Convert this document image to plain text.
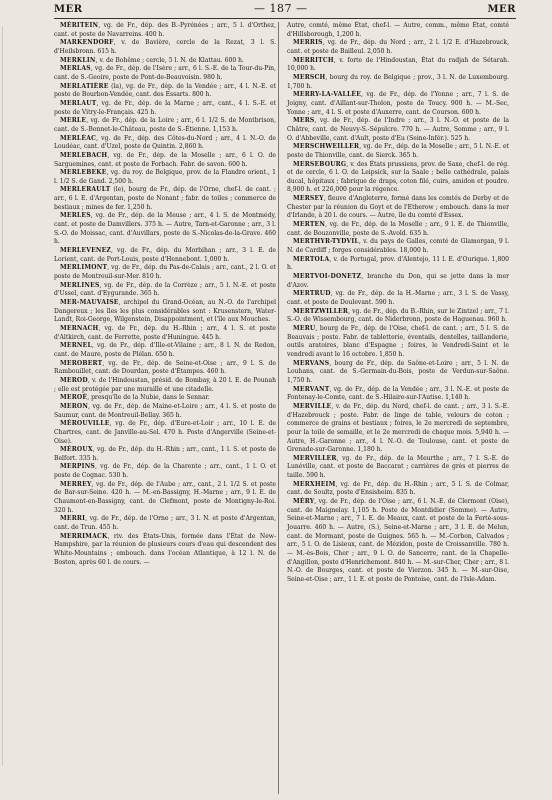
MER	— 187 —	MER

MÉRITEIN, vg. de Fr., dép. des B.-Pyrénées ; arr., 5 l. d'Orthez, cant. et poste de Navarreins. 400 h.

MARKENDORF, v. de Bavière, cercle de la Rezat, 3 l. S. d'Heilsbronn. 615 h.

MERKLIN, v. de Bohême ; cercle, 5 l. N. de Klattau. 600 h.

MERLAS, vg. de Fr., dép. de l'Isère ; arr., 6 l. S.-E. de la Tour-du-Pin, cant. de S.-Geoire, poste de Pont-de-Beauvoisin. 980 h.

MERLATIÈRE (la), vg. de Fr., dép. de la Vendée ; arr., 4 l. N.-E. et poste de Bourbon-Vendée, cant. des Essarts. 800 h.

MERLAUT, vg. de Fr., dép. de la Marne ; arr., cant., 4 l. S.-E. et poste de Vitry-le-Français. 425 h.

MERLE, vg. de Fr., dép. de la Loire ; arr., 6 l. 1/2 S. de Montbrison, cant. de S.-Bonnet-le-Château, poste de S.-Étienne. 1,153 h.

MERLÉAC, vg. de Fr., dép. des Côtes-du-Nord ; arr., 4 l. N.-O. de Loudéac, cant. d'Uzel, poste de Quintin. 2,860 h.

MERLEBACH, vg. de Fr., dép. de la Moselle ; arr., 6 l. O. de Sarguemines, cant. et poste de Forbach. Fabr. de savon. 600 h.

MERLEBEKE, vg. du roy. de Belgique, prov. de la Flandre orient., 1 l. 1/2 S. de Gand. 2,500 h.

MERLERAULT (le), bourg de Fr., dép. de l'Orne, chef-l. de cant. ; arr., 6 l. E. d'Argentan, poste de Nonant ; fabr. de toiles ; commerce de bestiaux ; mines de fer. 1,250 h.

MERLES, vg. de Fr., dép. de la Meuse ; arr., 4 l. S. de Montmédy, cant. et poste de Damvillers. 375 h. — Autre, Tarn-et-Garonne ; arr., 3 l. S.-O. de Moissac, cant. d'Auvillars, poste de S.-Nicolas-de-la-Grave. 460 h.

MERLEVENEZ, vg. de Fr., dép. du Morbihan ; arr., 3 l. E. de Lorient, cant. de Port-Louis, poste d'Hennebont. 1,000 h.

MERLIMONT, vg. de Fr., dép. du Pas-de-Calais ; arr., cant., 2 l. O. et poste de Montreuil-sur-Mer. 810 h.

MERLINES, vg. de Fr., dép. de la Corrèze ; arr., 5 l. N.-E. et poste d'Ussel, cant. d'Eygurande. 365 h.

MER-MAUVAISE, archipel du Grand-Océan, au N.-O. de l'archipel Dangereux ; les îles les plus considérables sont : Krusenstern, Water-Landt, Roi-George, Wilgenstein, Disappointment, et l'île aux Mouches.

MERNACH, vg. de Fr., dép. du H.-Rhin ; arr., 4 l. S. et poste d'Altkirch, cant. de Ferrette, poste d'Huningue. 445 h.

MERNEL, vg. de Fr., dép. d'Ille-et-Vilaine ; arr., 8 l. N. de Redon, cant. de Maure, poste de Plélan. 650 h.

MEROBERT, vg. de Fr., dép. de Seine-et-Oise ; arr., 9 l. S. de Rambouillet, cant. de Dourdan, poste d'Étampes. 460 h.

MEROD, v. de l'Hindoustan, présid. de Bombay, à 20 l. E. de Pounah ; elle est protégée par une muraille et une citadelle.

MEROÉ, presqu'île de la Nubie, dans le Sennar.

MERON, vg. de Fr., dép. de Maine-et-Loire ; arr., 4 l. S. et poste de Saumur, cant. de Montreuil-Bellay. 365 h.

MÉROUVILLE, vg. de Fr., dép. d'Eure-et-Loir ; arr., 10 l. E. de Chartres, cant. de Janville-au-Sel. 470 h. Poste d'Angerville (Seine-et-Oise).

MÉROUX, vg. de Fr., dép. du H.-Rhin ; arr., cant., 1 l. S. et poste de Belfort. 335 h.

MERPINS, vg. de Fr., dép. de la Charente ; arr., cant., 1 l. O. et poste de Cognac. 530 h.

MERREY, vg. de Fr., dép. de l'Aube ; arr., cant., 2 l. 1/2 S. et poste de Bar-sur-Seine. 420 h. — M.-en-Bassigny, H.-Marne ; arr., 9 l. E. de Chaumont-en-Bassigny, cant. de Clefmont, poste de Montigny-le-Roi. 320 h.

MERRI, vg. de Fr., dép. de l'Orne ; arr., 3 l. N. et poste d'Argentan, cant. de Trun. 455 h.

MERRIMACK, riv. des États-Unis, formée dans l'État de New-Hampshire, par la réunion de plusieurs cours d'eau qui descendent des White-Mountains ; embouch. dans l'océan Atlantique, à 12 l. N. de Boston, après 60 l. de cours. —

Autre, comté, même État, chef-l. — Autre, comm., même État, comté d'Hillsborough, 1,200 h.

MERRIS, vg. de Fr., dép. du Nord ; arr., 2 l. 1/2 E. d'Hazebrouck, cant. et poste de Bailleul. 2,050 h.

MERRITCH, v. forte de l'Hindoustan, État du radjah de Sétarah. 10,000 h.

MERSCH, bourg du roy. de Belgique ; prov., 3 l. N. de Luxembourg. 1,700 h.

MERRY-LA-VALLÉE, vg. de Fr., dép. de l'Yonne ; arr., 7 l. S. de Joigny, cant. d'Aillant-sur-Tholon, poste de Toucy. 900 h. — M.-Sec, Yonne ; arr., 4 l. S. et poste d'Auxerre, cant. de Courson. 600 h.

MERS, vg. de Fr., dép. de l'Indre ; arr., 3 l. N.-O. et poste de la Châtre, cant. de Neuvy-S.-Sépulcre. 770 h. — Autre, Somme ; arr., 9 l. O. d'Abbeville, cant. d'Ault, poste d'Eu (Seine-Infér.). 525 h.

MERSCHWEILLER, vg. de Fr., dép. de la Moselle ; arr., 5 l. N.-E. et poste de Thionville, cant. de Sierck. 365 h.

MERSEBOURG, v. des États prussiens, prov. de Saxe, chef-l. de rég. et de cercle, 6 l. O. de Leipsick, sur la Saale ; belle cathédrale, palais ducal, hôpitaux ; fabrique de draps, coton filé, cuirs, amidon et poudre. 8,900 h. et 226,000 pour la régence.

MERSEY, fleuve d'Angleterre, formé dans les comtés de Derby et de Chester par la réunion du Goyt et de l'Etherow ; embouch. dans la mer d'Irlande, à 20 l. de cours. — Autre, île du comté d'Essex.

MERTEN, vg. de Fr., dép. de la Moselle ; arr., 9 l. E. de Thionville, cant. de Bouzonville, poste de S.-Avold. 635 h.

MERTHYR-TYDVIL, v. du pays de Galles, comté de Glamorgan, 9 l. N. de Cardiff ; forges considérables. 18,000 h.

MERTOLA, v. de Portugal, prov. d'Alentejo, 11 l. E. d'Ourique. 1,800 h.

MERTVOI-DONETZ, branche du Don, qui se jette dans la mer d'Azov.

MERTRUD, vg. de Fr., dép. de la H.-Marne ; arr., 3 l. S. de Vassy, cant. et poste de Doulevant. 590 h.

MERTZWILLER, vg. de Fr., dép. du B.-Rhin, sur le Zintzel ; arr., 7 l. S.-O. de Wissembourg, cant. de Niderbronn, poste de Haguenau. 960 h.

MERU, bourg de Fr., dép. de l'Oise, chef-l. de cant. ; arr., 5 l. S. de Beauvais ; poste. Fabr. de tabletterie, éventails, dentelles, taillanderie, outils aratoires, blanc d'Espagne ; foires, le Vendredi-Saint et le vendredi avant le 16 octobre. 1,850 h.

MERVANS, bourg de Fr., dép. de Saône-et-Loire ; arr., 5 l. N. de Louhans, cant. de S.-Germain-du-Bois, poste de Verdun-sur-Saône. 1,750 h.

MERVANT, vg. de Fr., dép. de la Vendée ; arr., 3 l. N.-E. et poste de Fontenay-le-Comte, cant. de S.-Hilaire-sur-l'Autise. 1,140 h.

MERVILLE, v. de Fr., dép. du Nord, chef-l. de cant. ; arr., 3 l. S.-E. d'Hazebrouck ; poste. Fabr. de linge de table, velours de coton ; commerce de grains et bestiaux ; foires, le 2e mercredi de septembre, pour la toile de semaille, et le 2e mercredi de chaque mois. 5,940 h. — Autre, H.-Garonne ; arr., 4 l. N.-O. de Toulouse, cant. et poste de Grenade-sur-Garonne. 1,180 h.

MERVILLER, vg. de Fr., dép. de la Meurthe ; arr., 7 l. S.-E. de Lunéville, cant. et poste de Baccarat ; carrières de grès et pierres de taille. 590 h.

MERXHEIM, vg. de Fr., dép. du H.-Rhin ; arr., 5 l. S. de Colmar, cant. de Soultz, poste d'Ensisheim. 835 h.

MÉRY, vg. de Fr., dép. de l'Oise ; arr., 6 l. N.-E. de Clermont (Oise), cant. de Maignelay. 1,105 h. Poste de Montdidier (Somme). — Autre, Seine-et-Marne ; arr., 7 l. E. de Meaux, cant. et poste de la Ferté-sous-Jouarre. 460 h. — Autre, (S.), Seine-et-Marne ; arr., 3 l. E. de Melun, cant. de Mormant, poste de Guignes. 565 h. — M.-Corbon, Calvados ; arr., 5 l. O. de Lisieux, cant. de Mézidon, poste de Croissanville. 780 h. — M.-ès-Bois, Cher ; arr., 9 l. O. de Sancerre, cant. de la Chapelle-d'Angillon, poste d'Henrichemont. 840 h. — M.-sur-Cher, Cher ; arr., 8 l. N.-O. de Bourges, cant. et poste de Vierzon. 345 h. — M.-sur-Oise, Seine-et-Oise ; arr., 1 l. E. et poste de Pontoise, cant. de l'Isle-Adam.
